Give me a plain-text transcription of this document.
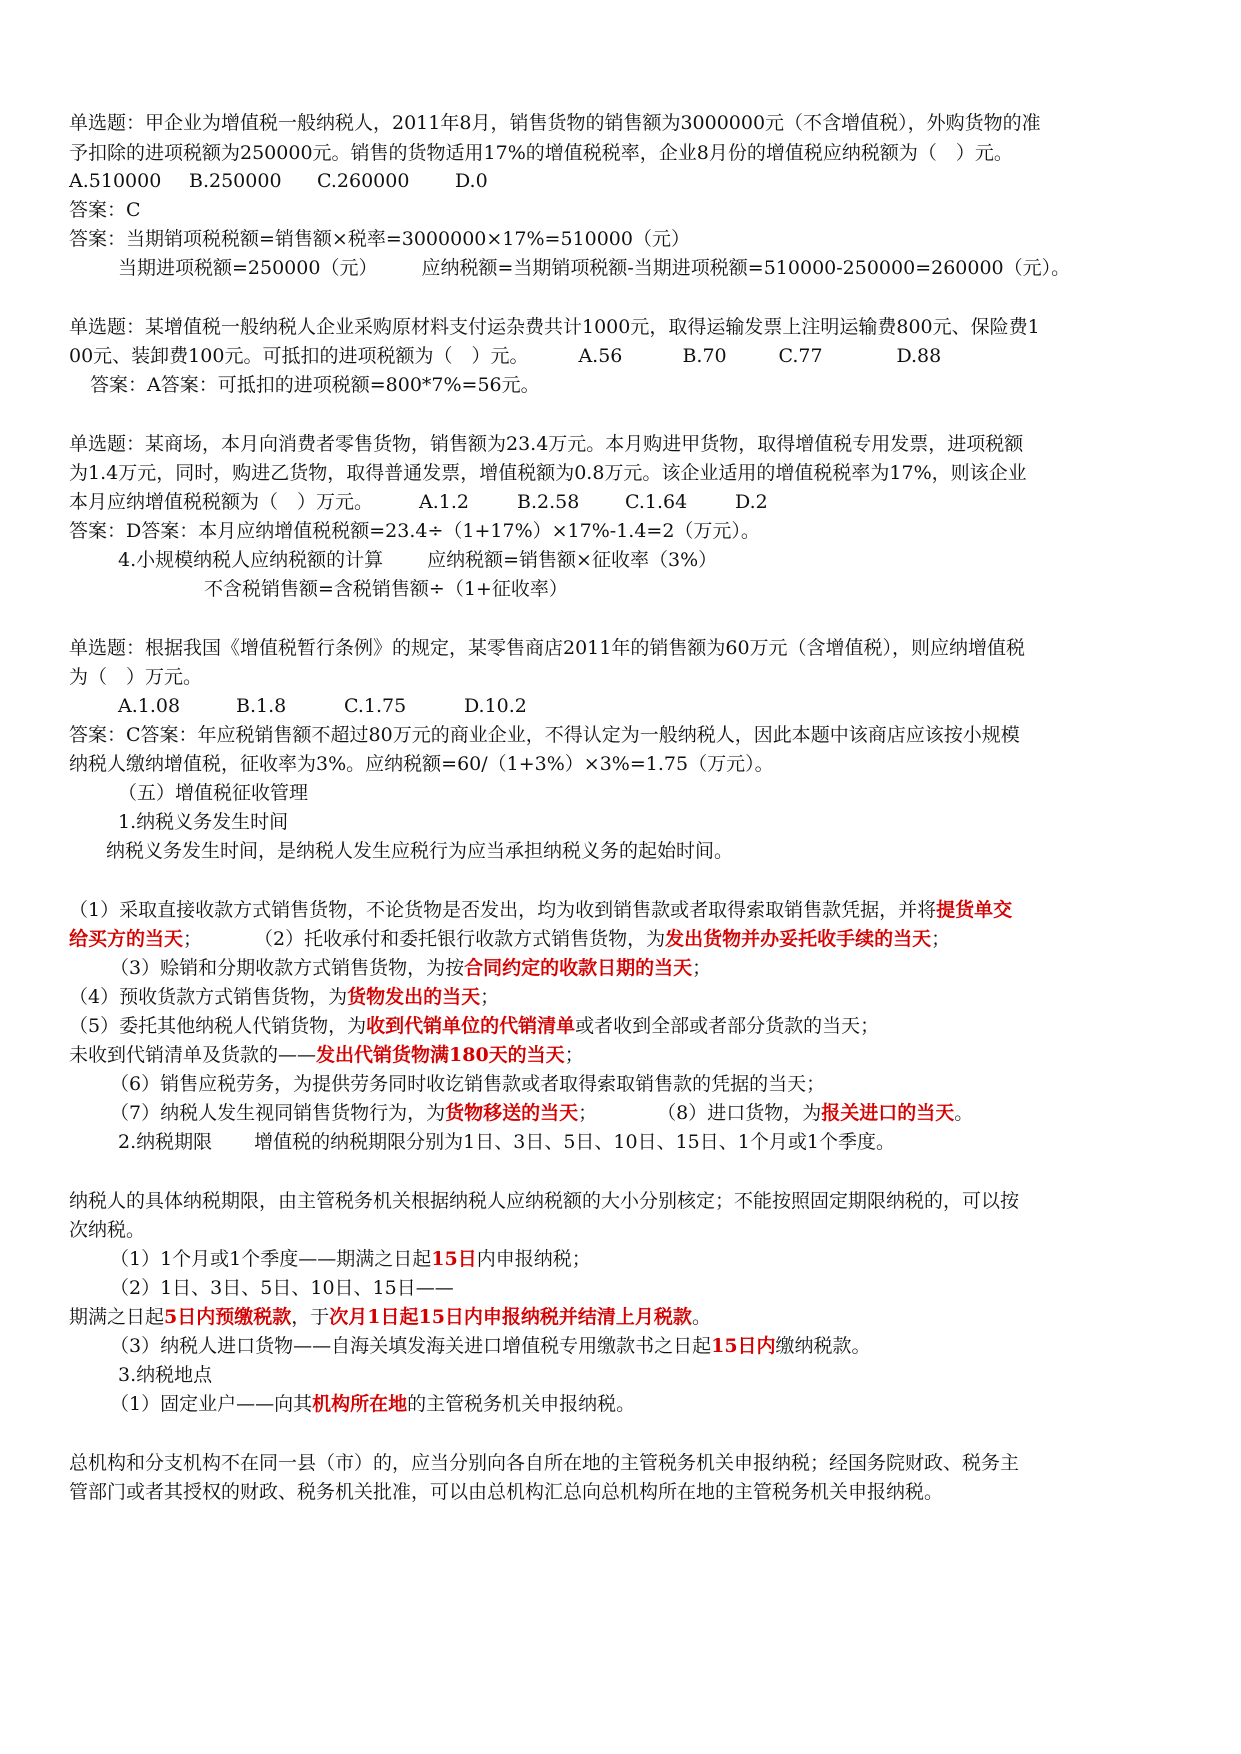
单选题：甲企业为增值税一般纳税人，2011年8月，销售货物的销售额为3000000元（不含增值税），外购货物的准
予扣除的进项税额为250000元。销售的货物适用17%的增值税税率，企业8月份的增值税应纳税额为（　）元。
A.510000 B.250000 C.260000 D.0
答案：C
答案：当期销项税税额=销售额×税率=3000000×17%=510000（元）
当期进项税额=250000（元） 应纳税额=当期销项税额-当期进项税额=510000-250000=260000（元）。
单选题：某增值税一般纳税人企业采购原材料支付运杂费共计1000元，取得运输发票上注明运输费800元、保险费1
00元、装卸费100元。可抵扣的进项税额为（　）元。	A.56	B.70	C.77	D.88
答案：A答案：可抵扣的进项税额=800*7%=56元。
单选题：某商场，本月向消费者零售货物，销售额为23.4万元。本月购进甲货物，取得增值税专用发票，进项税额
为1.4万元，同时，购进乙货物，取得普通发票，增值税额为0.8万元。该企业适用的增值税税率为17%，则该企业
本月应纳增值税税额为（　）万元。 A.1.2	B.2.58 C.1.64	D.2
答案：D答案：本月应纳增值税税额=23.4÷（1+17%）×17%-1.4=2（万元）。
4.小规模纳税人应纳税额的计算 应纳税额=销售额×征收率（3%）
不含税销售额=含税销售额÷（1+征收率）
单选题：根据我国《增值税暂行条例》的规定，某零售商店2011年的销售额为60万元（含增值税），则应纳增值税
为（　）万元。
A.1.08	B.1.8	C.1.75	D.10.2
答案：C答案：年应税销售额不超过80万元的商业企业，不得认定为一般纳税人，因此本题中该商店应该按小规模
纳税人缴纳增值税，征收率为3%。应纳税额=60/（1+3%）×3%=1.75（万元）。
（五）增值税征收管理
1.纳税义务发生时间
纳税义务发生时间，是纳税人发生应税行为应当承担纳税义务的起始时间。
（1）采取直接收款方式销售货物，不论货物是否发出，均为收到销售款或者取得索取销售款凭据，并将提货单交
给买方的当天；	（2）托收承付和委托银行收款方式销售货物，为发出货物并办妥托收手续的当天；
（3）赊销和分期收款方式销售货物，为按合同约定的收款日期的当天；
（4）预收货款方式销售货物，为货物发出的当天；
（5）委托其他纳税人代销货物，为收到代销单位的代销清单或者收到全部或者部分货款的当天；
未收到代销清单及货款的——发出代销货物满180天的当天；
（6）销售应税劳务，为提供劳务同时收讫销售款或者取得索取销售款的凭据的当天；
（7）纳税人发生视同销售货物行为，为货物移送的当天；	（8）进口货物，为报关进口的当天。
2.纳税期限 增值税的纳税期限分别为1日、3日、5日、10日、15日、1个月或1个季度。
纳税人的具体纳税期限，由主管税务机关根据纳税人应纳税额的大小分别核定；不能按照固定期限纳税的，可以按
次纳税。
（1）1个月或1个季度——期满之日起15日内申报纳税；
（2）1日、3日、5日、10日、15日——
期满之日起5日内预缴税款，于次月1日起15日内申报纳税并结清上月税款。
（3）纳税人进口货物——自海关填发海关进口增值税专用缴款书之日起15日内缴纳税款。
3.纳税地点
（1）固定业户——向其机构所在地的主管税务机关申报纳税。
总机构和分支机构不在同一县（市）的，应当分别向各自所在地的主管税务机关申报纳税；经国务院财政、税务主
管部门或者其授权的财政、税务机关批准，可以由总机构汇总向总机构所在地的主管税务机关申报纳税。
